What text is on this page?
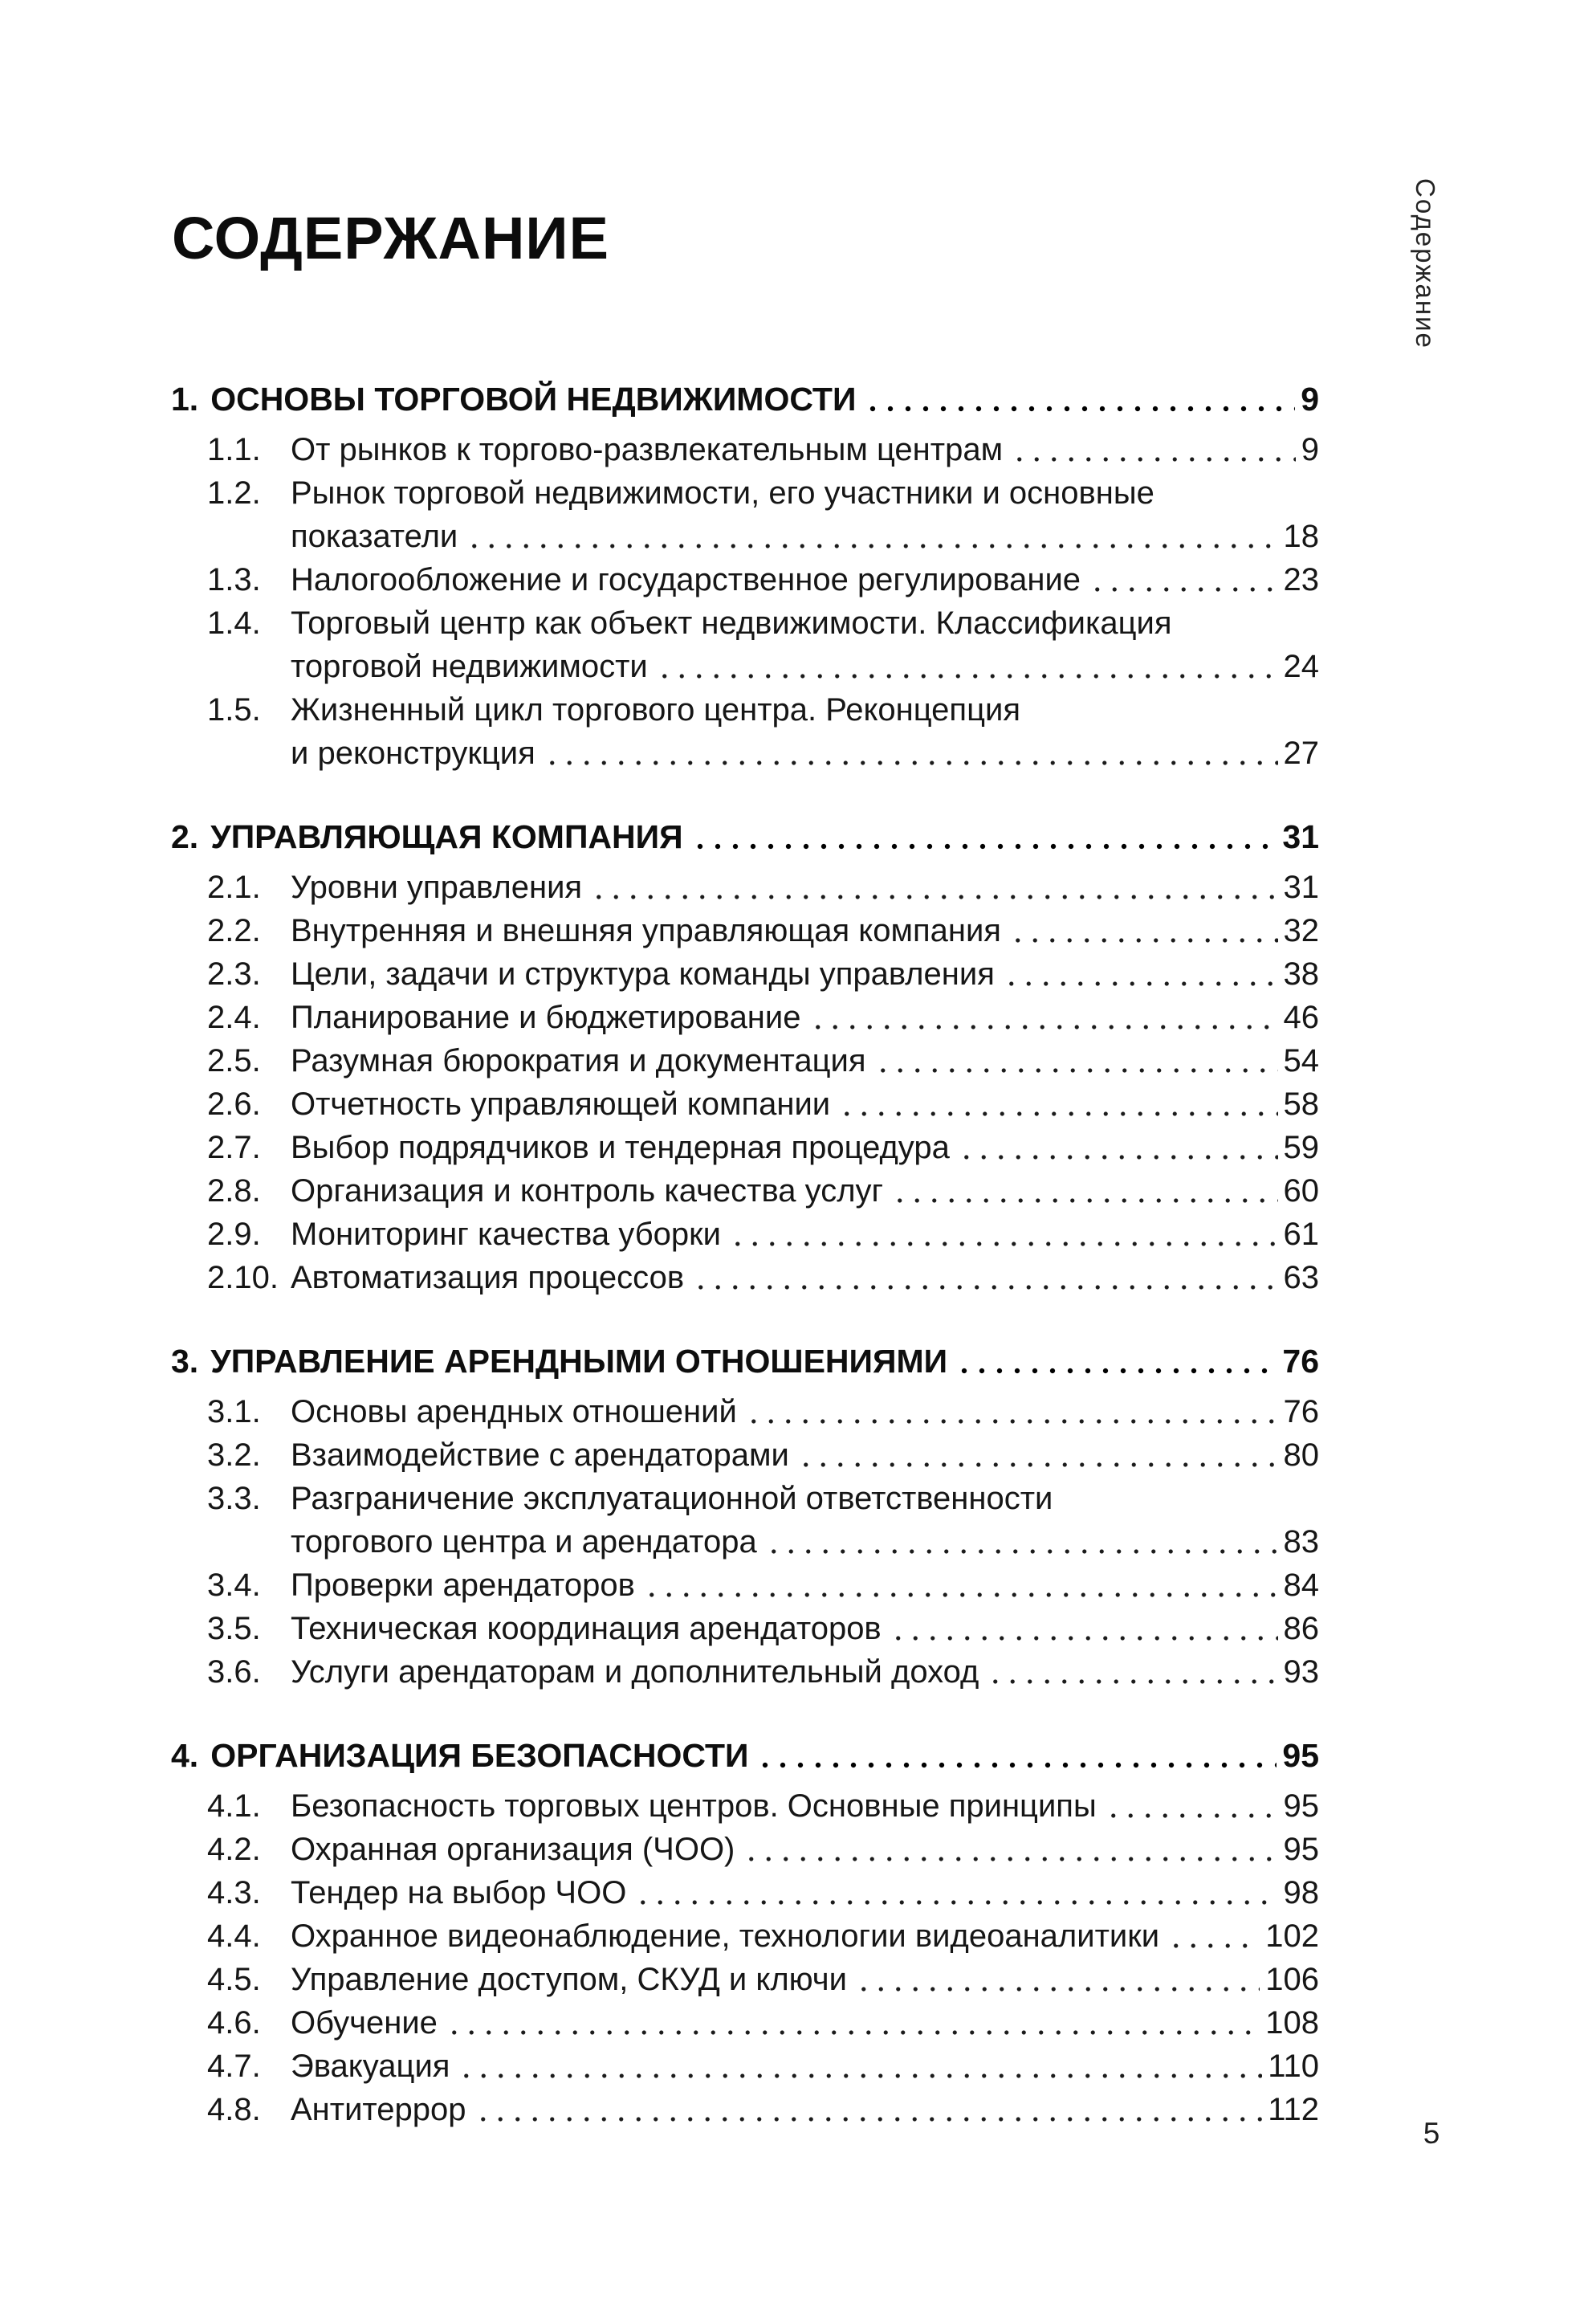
СОДЕРЖАНИЕ	Содержание
1. ОСНОВЫ ТОРГОВОЙ НЕДВИЖИМОСТИ	9
1.1. От рынков к торгово-развлекательным центрам	9
1.2. Рынок торговой недвижимости, его участники и основные
показатели	18
1.3. Налогообложение и государственное регулирование	23
1.4. Торговый центр как объект недвижимости. Классификация
торговой недвижимости	24
1.5. Жизненный цикл торгового центра. Реконцепция
и реконструкция	27
2. УПРАВЛЯЮЩАЯ КОМПАНИЯ	31
2.1. Уровни управления	31
2.2. Внутренняя и внешняя управляющая компания	32
2.3. Цели, задачи и структура команды управления	38
2.4. Планирование и бюджетирование	46
2.5. Разумная бюрократия и документация	54
2.6. Отчетность управляющей компании	58
2.7. Выбор подрядчиков и тендерная процедура	59
2.8. Организация и контроль качества услуг	60
2.9. Мониторинг качества уборки	61
2.10. Автоматизация процессов	63
3. УПРАВЛЕНИЕ АРЕНДНЫМИ ОТНОШЕНИЯМИ	76
3.1. Основы арендных отношений	76
3.2. Взаимодействие с арендаторами	80
3.3. Разграничение эксплуатационной ответственности
торгового центра и арендатора	83
3.4. Проверки арендаторов	84
3.5. Техническая координация арендаторов	86
3.6. Услуги арендаторам и дополнительный доход	93
4. ОРГАНИЗАЦИЯ БЕЗОПАСНОСТИ	95
4.1. Безопасность торговых центров. Основные принципы	95
4.2. Охранная организация (ЧОО)	95
4.3. Тендер на выбор ЧОО	98
4.4. Охранное видеонаблюдение, технологии видеоаналитики	102
4.5. Управление доступом, СКУД и ключи	106
4.6. Обучение	108
4.7. Эвакуация	110
4.8. Антитеррор	112
5
